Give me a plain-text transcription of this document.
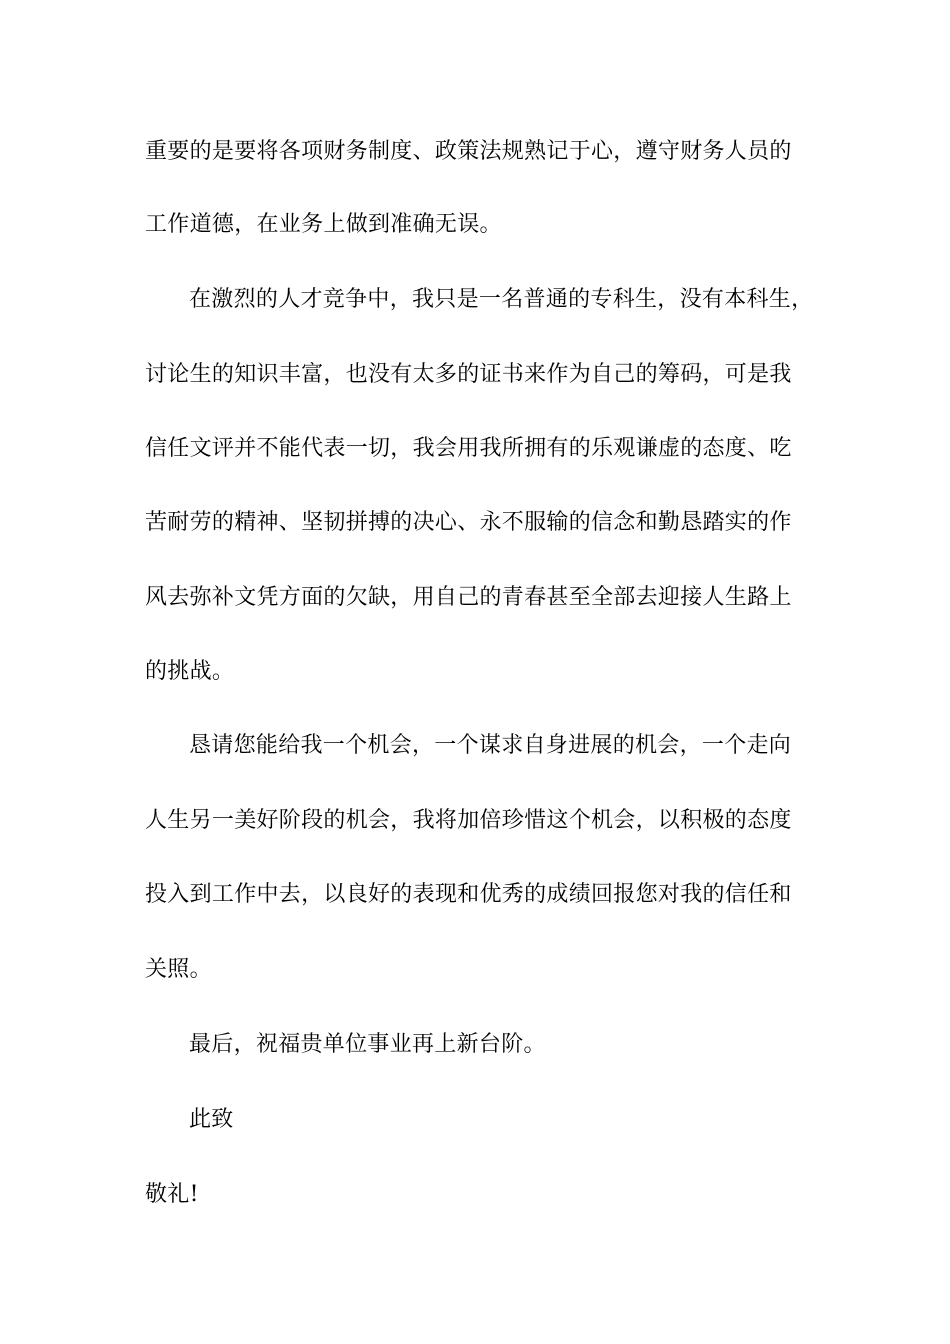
重要的是要将各项财务制度、政策法规熟记于心，遵守财务人员的
工作道德，在业务上做到准确无误。
在激烈的人才竞争中，我只是一名普通的专科生，没有本科生，
讨论生的知识丰富，也没有太多的证书来作为自己的筹码，可是我
信任文评并不能代表一切，我会用我所拥有的乐观谦虚的态度、吃
苦耐劳的精神、坚韧拼搏的决心、永不服输的信念和勤恳踏实的作
风去弥补文凭方面的欠缺，用自己的青春甚至全部去迎接人生路上
的挑战。
恳请您能给我一个机会，一个谋求自身进展的机会，一个走向
人生另一美好阶段的机会，我将加倍珍惜这个机会，以积极的态度
投入到工作中去，以良好的表现和优秀的成绩回报您对我的信任和
关照。
最后，祝福贵单位事业再上新台阶。
此致
敬礼!
